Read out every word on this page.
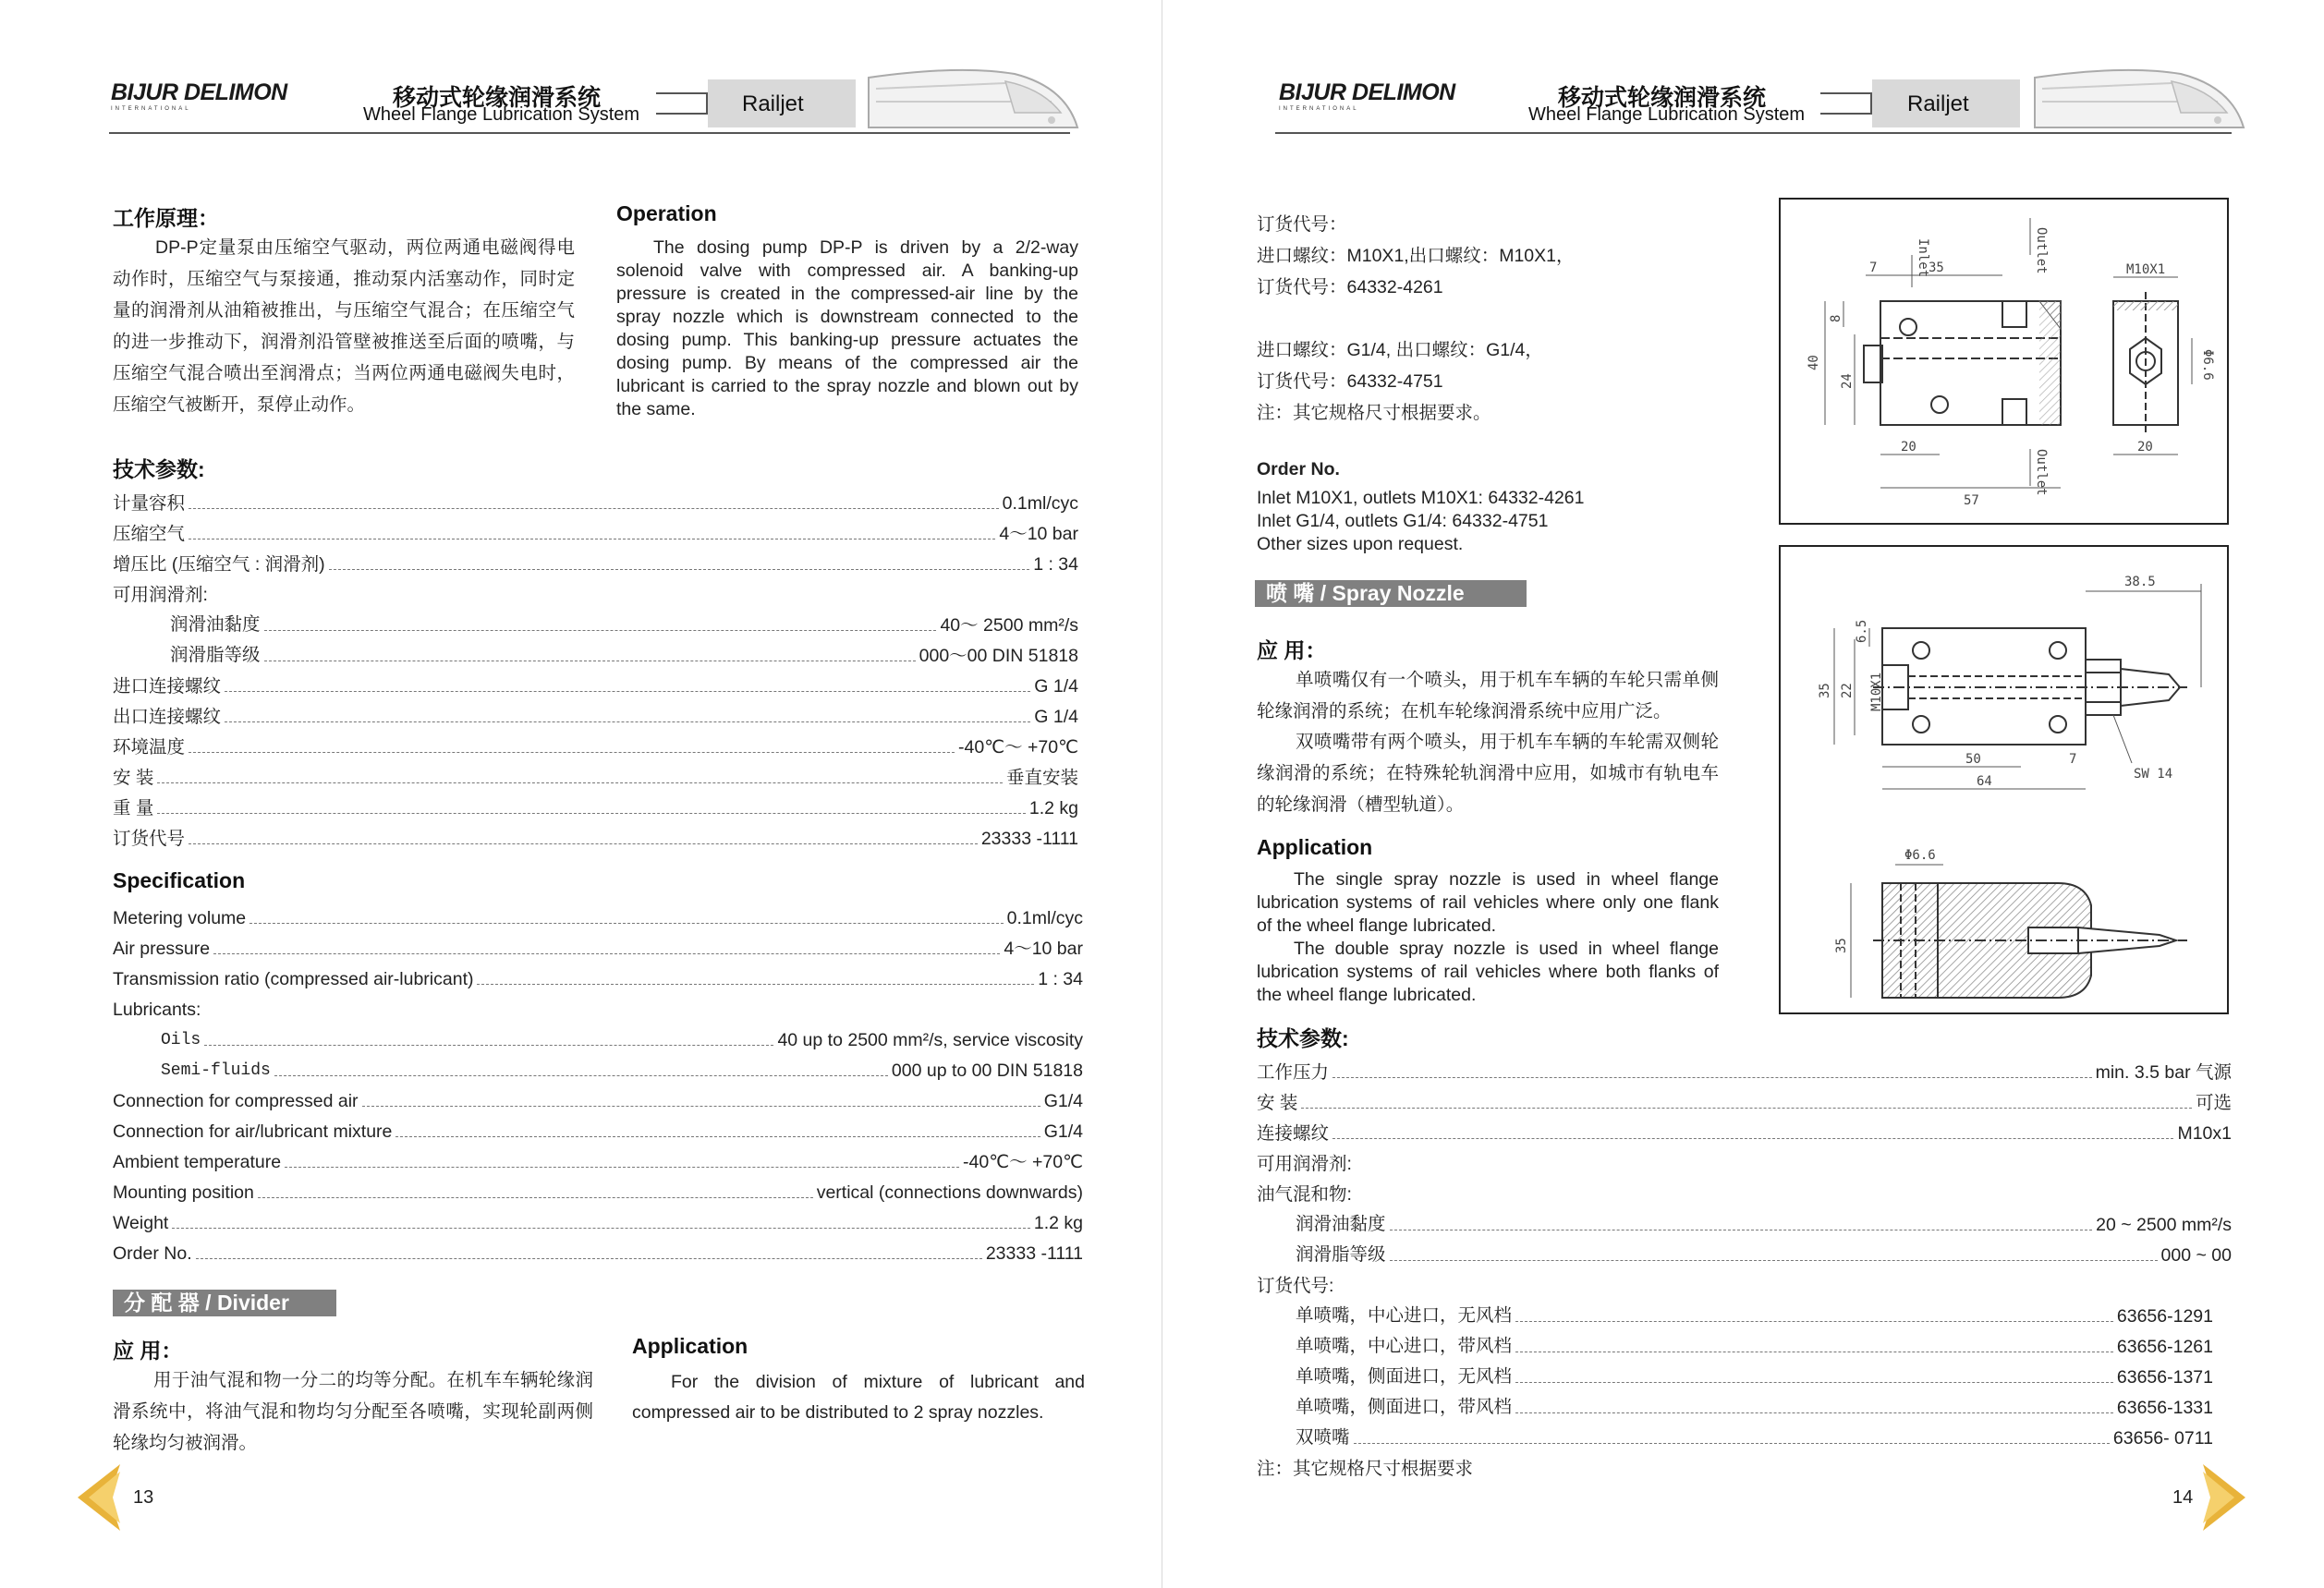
BIJUR DELIMON
INTERNATIONAL	移动式轮缘润滑系统
Wheel Flange Lubrication System	Railjet
工作原理：
DP-P定量泵由压缩空气驱动，两位两通电磁阀得电动作时，压缩空气与泵接通，推动泵内活塞动作，同时定量的润滑剂从油箱被推出，与压缩空气混合；在压缩空气的进一步推动下，润滑剂沿管壁被推送至后面的喷嘴，与压缩空气混合喷出至润滑点；当两位两通电磁阀失电时，压缩空气被断开，泵停止动作。
Operation
The dosing pump DP-P is driven by a 2/2-way solenoid valve with compressed air. A banking-up pressure is created in the compressed-air line by the spray nozzle which is downstream connected to the dosing pump. This banking-up pressure actuates the dosing pump. By means of the compressed air the lubricant is carried to the spray nozzle and blown out by the same.
技术参数:
计量容积	0.1ml/cyc
压缩空气	4～10 bar
增压比 (压缩空气 : 润滑剂)	1 : 34
可用润滑剂:
润滑油黏度	40～ 2500 mm²/s
润滑脂等级	000～00 DIN 51818
进口连接螺纹	G 1/4
出口连接螺纹	G 1/4
环境温度	-40℃～ +70℃
安 装	垂直安装
重 量	1.2 kg
订货代号	23333 -1111
Specification
Metering volume	0.1ml/cyc
Air pressure	4～10 bar
Transmission ratio (compressed air-lubricant)	1 : 34
Lubricants:
Oils	40 up to 2500 mm²/s, service viscosity
Semi-fluids	000 up to 00 DIN 51818
Connection for compressed air	G1/4
Connection for air/lubricant mixture	G1/4
Ambient temperature	-40℃～ +70℃
Mounting position	vertical (connections downwards)
Weight	1.2 kg
Order No.	23333 -1111
分 配 器 / Divider
应 用：
用于油气混和物一分二的均等分配。在机车车辆轮缘润滑系统中，将油气混和物均匀分配至各喷嘴，实现轮副两侧轮缘均匀被润滑。
Application
For the division of mixture of lubricant and compressed air to be distributed to 2 spray nozzles.
13
BIJUR DELIMON
INTERNATIONAL	移动式轮缘润滑系统
Wheel Flange Lubrication System	Railjet
订货代号：
进口螺纹：M10X1,出口螺纹：M10X1，
订货代号：64332-4261
进口螺纹：G1/4, 出口螺纹：G1/4，
订货代号：64332-4751
注：其它规格尺寸根据要求。
Order No.
Inlet M10X1, outlets M10X1: 64332-4261
Inlet G1/4, outlets G1/4: 64332-4751
Other sizes upon request.
Inlet	Outlet
Outlet
7	35
40
8
24
20
57
M10X1
20
Φ6.6
喷 嘴 / Spray Nozzle
应 用：
单喷嘴仅有一个喷头，用于机车车辆的车轮只需单侧轮缘润滑的系统；在机车轮缘润滑系统中应用广泛。
双喷嘴带有两个喷头，用于机车车辆的车轮需双侧轮缘润滑的系统；在特殊轮轨润滑中应用，如城市有轨电车的轮缘润滑（槽型轨道）。
Application
The single spray nozzle is used in wheel flange lubrication systems of rail vehicles where only one flank of the wheel flange lubricated.
The double spray nozzle is used in wheel flange lubrication systems of rail vehicles where both flanks of the wheel flange lubricated.
38.5
6.5
22
35	M10X1
50	7
64	SW 14
Φ6.6
35
技术参数:
工作压力	min. 3.5 bar 气源
安 装	可选
连接螺纹	M10x1
可用润滑剂:
油气混和物:
润滑油黏度	20 ~ 2500 mm²/s
润滑脂等级	000 ~ 00
订货代号:
单喷嘴，中心进口，无风档	63656-1291
单喷嘴，中心进口，带风档	63656-1261
单喷嘴，侧面进口，无风档	63656-1371
单喷嘴，侧面进口，带风档	63656-1331
双喷嘴	63656- 0711
注：其它规格尺寸根据要求
14
